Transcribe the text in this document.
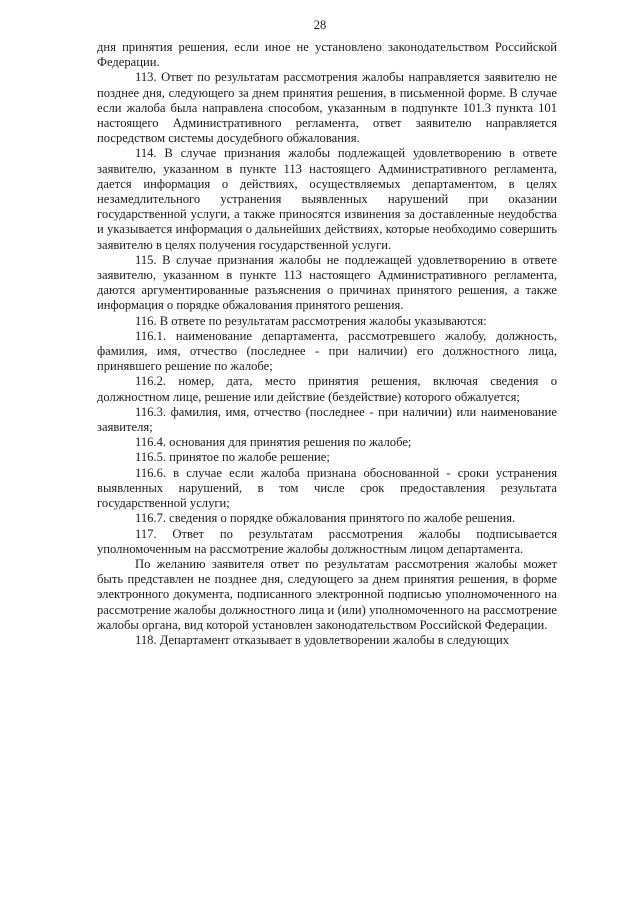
28

дня принятия решения, если иное не установлено законодательством Российской Федерации.

113. Ответ по результатам рассмотрения жалобы направляется заявителю не позднее дня, следующего за днем принятия решения, в письменной форме. В случае если жалоба была направлена способом, указанным в подпункте 101.3 пункта 101 настоящего Административного регламента, ответ заявителю направляется посредством системы досудебного обжалования.

114. В случае признания жалобы подлежащей удовлетворению в ответе заявителю, указанном в пункте 113 настоящего Административного регламента, дается информация о действиях, осуществляемых департаментом, в целях незамедлительного устранения выявленных нарушений при оказании государственной услуги, а также приносятся извинения за доставленные неудобства и указывается информация о дальнейших действиях, которые необходимо совершить заявителю в целях получения государственной услуги.

115. В случае признания жалобы не подлежащей удовлетворению в ответе заявителю, указанном в пункте 113 настоящего Административного регламента, даются аргументированные разъяснения о причинах принятого решения, а также информация о порядке обжалования принятого решения.

116. В ответе по результатам рассмотрения жалобы указываются:

116.1. наименование департамента, рассмотревшего жалобу, должность, фамилия, имя, отчество (последнее - при наличии) его должностного лица, принявшего решение по жалобе;

116.2. номер, дата, место принятия решения, включая сведения о должностном лице, решение или действие (бездействие) которого обжалуется;

116.3. фамилия, имя, отчество (последнее - при наличии) или наименование заявителя;

116.4. основания для принятия решения по жалобе;

116.5. принятое по жалобе решение;

116.6. в случае если жалоба признана обоснованной - сроки устранения выявленных нарушений, в том числе срок предоставления результата государственной услуги;

116.7. сведения о порядке обжалования принятого по жалобе решения.

117. Ответ по результатам рассмотрения жалобы подписывается уполномоченным на рассмотрение жалобы должностным лицом департамента.

По желанию заявителя ответ по результатам рассмотрения жалобы может быть представлен не позднее дня, следующего за днем принятия решения, в форме электронного документа, подписанного электронной подписью уполномоченного на рассмотрение жалобы должностного лица и (или) уполномоченного на рассмотрение жалобы органа, вид которой установлен законодательством Российской Федерации.

118. Департамент отказывает в удовлетворении жалобы в следующих
